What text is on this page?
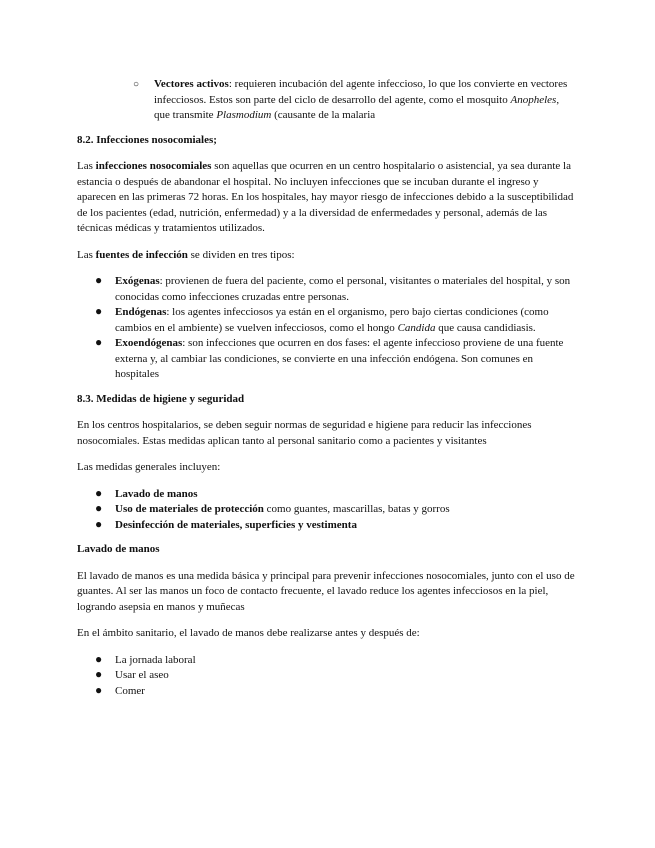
○ Vectores activos: requieren incubación del agente infeccioso, lo que los convierte en vectores infecciosos. Estos son parte del ciclo de desarrollo del agente, como el mosquito Anopheles, que transmite Plasmodium (causante de la malaria

8.2. Infecciones nosocomiales;

Las infecciones nosocomiales son aquellas que ocurren en un centro hospitalario o asistencial, ya sea durante la estancia o después de abandonar el hospital. No incluyen infecciones que se incuban durante el ingreso y aparecen en las primeras 72 horas. En los hospitales, hay mayor riesgo de infecciones debido a la susceptibilidad de los pacientes (edad, nutrición, enfermedad) y a la diversidad de enfermedades y personal, además de las técnicas médicas y tratamientos utilizados.

Las fuentes de infección se dividen en tres tipos:

● Exógenas: provienen de fuera del paciente, como el personal, visitantes o materiales del hospital, y son conocidas como infecciones cruzadas entre personas.
● Endógenas: los agentes infecciosos ya están en el organismo, pero bajo ciertas condiciones (como cambios en el ambiente) se vuelven infecciosos, como el hongo Candida que causa candidiasis.
● Exoendógenas: son infecciones que ocurren en dos fases: el agente infeccioso proviene de una fuente externa y, al cambiar las condiciones, se convierte en una infección endógena. Son comunes en hospitales

8.3. Medidas de higiene y seguridad

En los centros hospitalarios, se deben seguir normas de seguridad e higiene para reducir las infecciones nosocomiales. Estas medidas aplican tanto al personal sanitario como a pacientes y visitantes

Las medidas generales incluyen:

● Lavado de manos
● Uso de materiales de protección como guantes, mascarillas, batas y gorros
● Desinfección de materiales, superficies y vestimenta

Lavado de manos

El lavado de manos es una medida básica y principal para prevenir infecciones nosocomiales, junto con el uso de guantes. Al ser las manos un foco de contacto frecuente, el lavado reduce los agentes infecciosos en la piel, logrando asepsia en manos y muñecas

En el ámbito sanitario, el lavado de manos debe realizarse antes y después de:

● La jornada laboral
● Usar el aseo
● Comer
